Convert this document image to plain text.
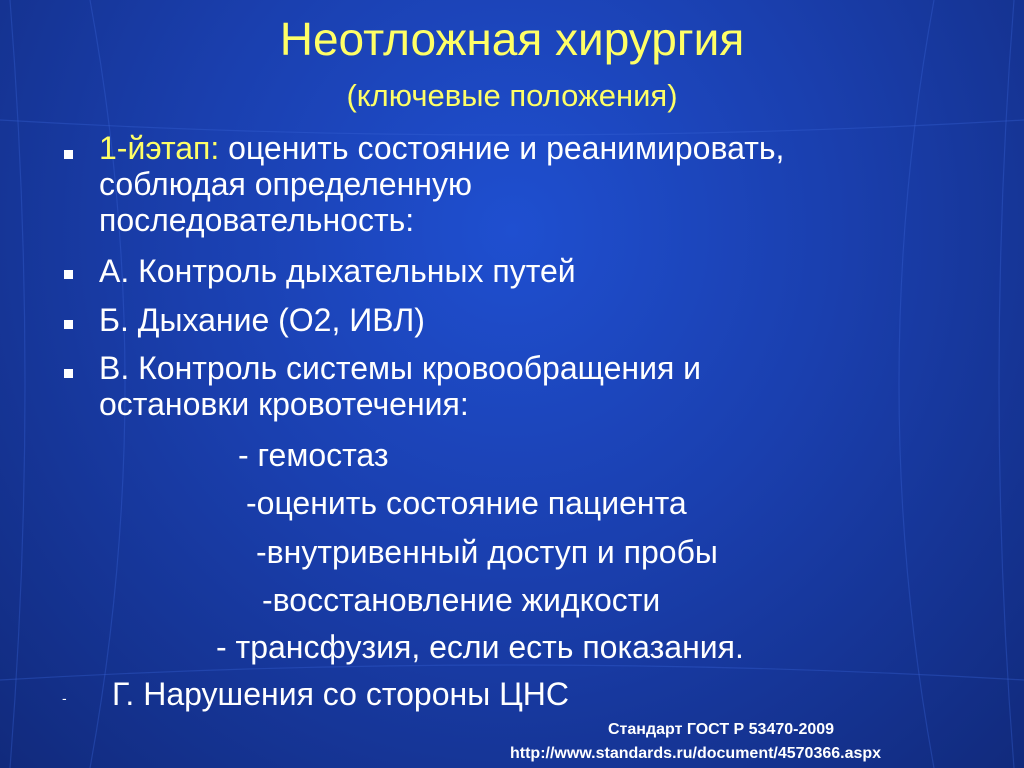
Неотложная хирургия
(ключевые положения)
1-йэтап: оценить состояние и реанимировать,
соблюдая определенную
последовательность:
А. Контроль дыхательных путей
Б. Дыхание (О2, ИВЛ)
В. Контроль системы кровообращения и
остановки кровотечения:
- гемостаз
-оценить состояние пациента
-внутривенный доступ и пробы
-восстановление жидкости
- трансфузия, если есть показания.
- Г. Нарушения со стороны ЦНС
Стандарт ГОСТ Р 53470-2009
http://www.standards.ru/document/4570366.aspx
